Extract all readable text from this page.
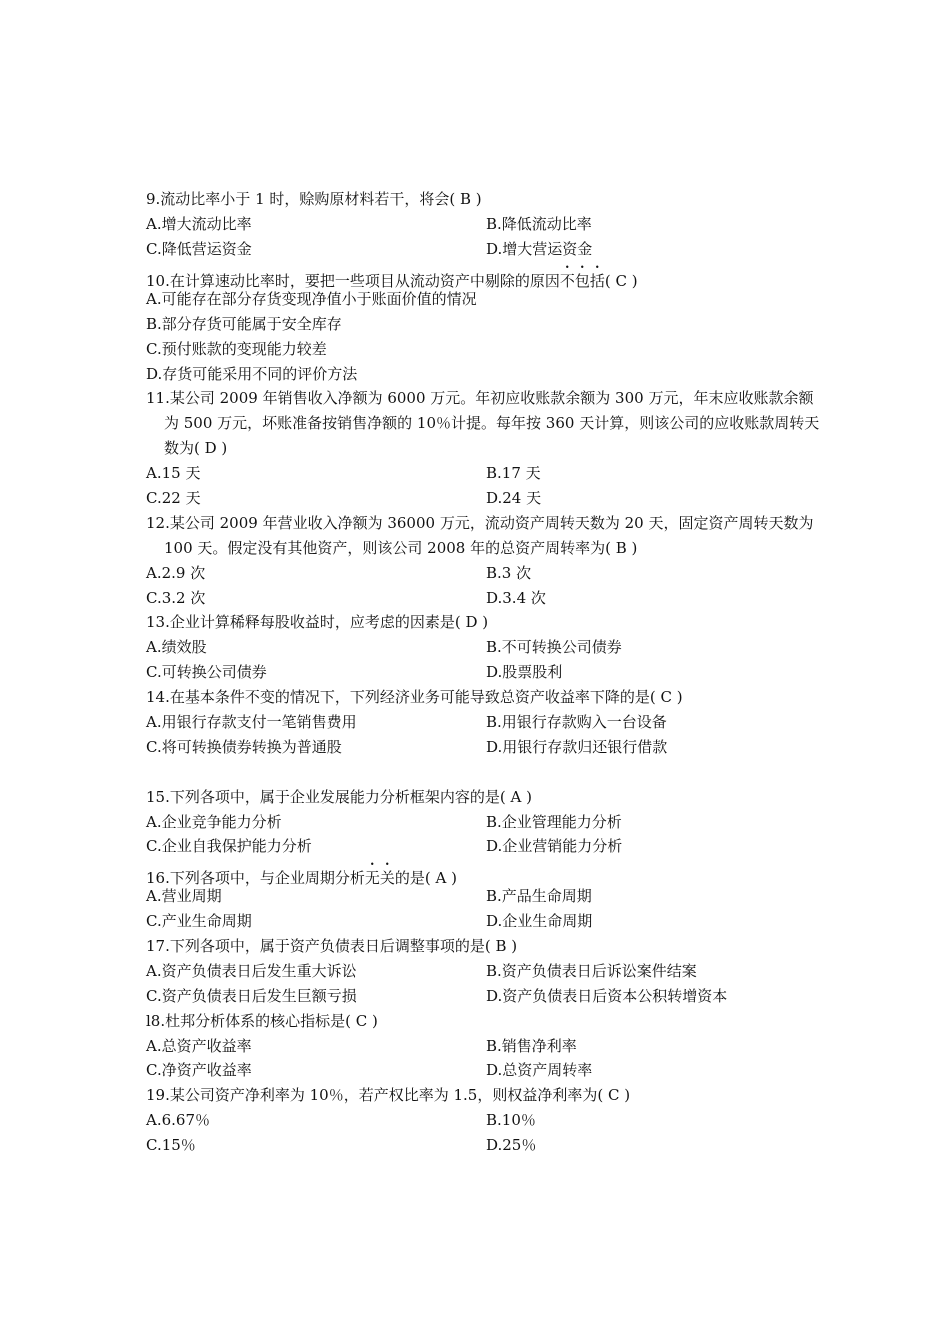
9.流动比率小于 1 时，赊购原材料若干，将会( B )
A.增大流动比率	B.降低流动比率
C.降低营运资金	D.增大营运资金
10.在计算速动比率时，要把一些项目从流动资产中剔除的原因不包括( C )
A.可能存在部分存货变现净值小于账面价值的情况
B.部分存货可能属于安全库存
C.预付账款的变现能力较差
D.存货可能采用不同的评价方法
11.某公司 2009 年销售收入净额为 6000 万元。年初应收账款余额为 300 万元，年末应收账款余额为 500 万元，坏账准备按销售净额的 10％计提。每年按 360 天计算，则该公司的应收账款周转天数为( D )
A.15 天	B.17 天
C.22 天	D.24 天
12.某公司 2009 年营业收入净额为 36000 万元，流动资产周转天数为 20 天，固定资产周转天数为 100 天。假定没有其他资产，则该公司 2008 年的总资产周转率为( B )
A.2.9 次	B.3 次
C.3.2 次	D.3.4 次
13.企业计算稀释每股收益时，应考虑的因素是( D )
A.绩效股	B.不可转换公司债券
C.可转换公司债券	D.股票股利
14.在基本条件不变的情况下，下列经济业务可能导致总资产收益率下降的是( C )
A.用银行存款支付一笔销售费用	B.用银行存款购入一台设备
C.将可转换债券转换为普通股	D.用银行存款归还银行借款
15.下列各项中，属于企业发展能力分析框架内容的是( A )
A.企业竞争能力分析	B.企业管理能力分析
C.企业自我保护能力分析	D.企业营销能力分析
16.下列各项中，与企业周期分析无关的是( A )
A.营业周期	B.产品生命周期
C.产业生命周期	D.企业生命周期
17.下列各项中，属于资产负债表日后调整事项的是( B )
A.资产负债表日后发生重大诉讼	B.资产负债表日后诉讼案件结案
C.资产负债表日后发生巨额亏损	D.资产负债表日后资本公积转增资本
l8.杜邦分析体系的核心指标是( C )
A.总资产收益率	B.销售净利率
C.净资产收益率	D.总资产周转率
19.某公司资产净利率为 10％，若产权比率为 1.5，则权益净利率为( C )
A.6.67％	B.10％
C.15％	D.25％
